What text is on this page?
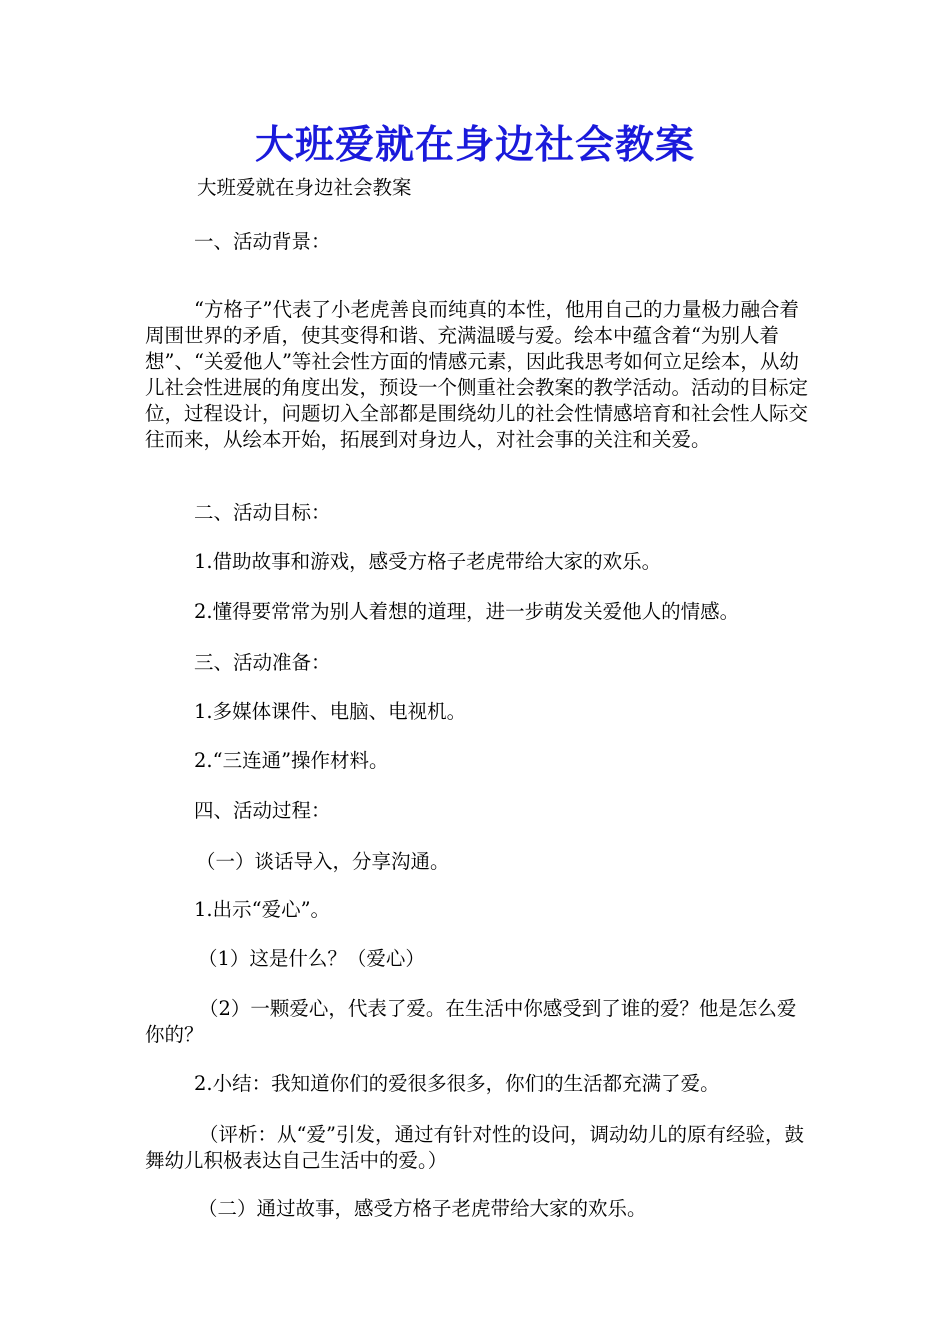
大班爱就在身边社会教案

大班爱就在身边社会教案

一、活动背景：

“方格子”代表了小老虎善良而纯真的本性，他用自己的力量极力融合着周围世界的矛盾，使其变得和谐、充满温暖与爱。绘本中蕴含着“为别人着想”、“关爱他人”等社会性方面的情感元素，因此我思考如何立足绘本，从幼儿社会性进展的角度出发，预设一个侧重社会教案的教学活动。活动的目标定位，过程设计，问题切入全部都是围绕幼儿的社会性情感培育和社会性人际交往而来，从绘本开始，拓展到对身边人，对社会事的关注和关爱。

二、活动目标：

1.借助故事和游戏，感受方格子老虎带给大家的欢乐。

2.懂得要常常为别人着想的道理，进一步萌发关爱他人的情感。

三、活动准备：

1.多媒体课件、电脑、电视机。

2.“三连通”操作材料。

四、活动过程：

（一）谈话导入，分享沟通。

1.出示“爱心”。

（1）这是什么？（爱心）

（2）一颗爱心，代表了爱。在生活中你感受到了谁的爱？他是怎么爱你的？

2.小结：我知道你们的爱很多很多，你们的生活都充满了爱。

（评析：从“爱”引发，通过有针对性的设问，调动幼儿的原有经验，鼓舞幼儿积极表达自己生活中的爱。）

（二）通过故事，感受方格子老虎带给大家的欢乐。
